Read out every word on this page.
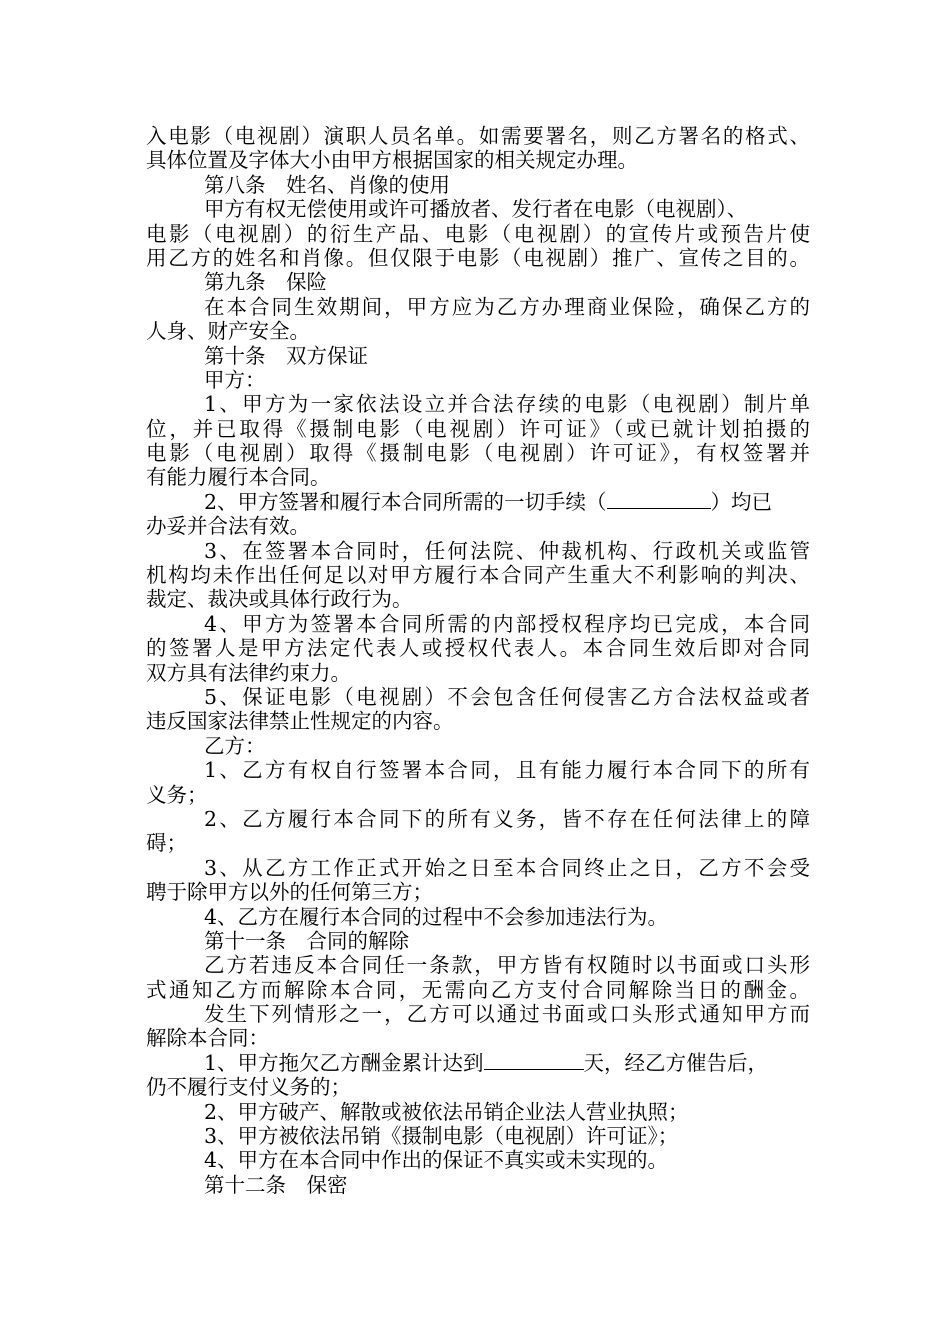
入电影（电视剧）演职人员名单。如需要署名，则乙方署名的格式、
具体位置及字体大小由甲方根据国家的相关规定办理。
第八条　姓名、肖像的使用
甲方有权无偿使用或许可播放者、发行者在电影（电视剧）、
电影（电视剧）的衍生产品、电影（电视剧）的宣传片或预告片使
用乙方的姓名和肖像。但仅限于电影（电视剧）推广、宣传之目的。
第九条　保险
在本合同生效期间，甲方应为乙方办理商业保险，确保乙方的
人身、财产安全。
第十条　双方保证
甲方：
1、甲方为一家依法设立并合法存续的电影（电视剧）制片单
位，并已取得《摄制电影（电视剧）许可证》（或已就计划拍摄的
电影（电视剧）取得《摄制电影（电视剧）许可证》，有权签署并
有能力履行本合同。
2、甲方签署和履行本合同所需的一切手续（	）均已
办妥并合法有效。
3、在签署本合同时，任何法院、仲裁机构、行政机关或监管
机构均未作出任何足以对甲方履行本合同产生重大不利影响的判决、
裁定、裁决或具体行政行为。
4、甲方为签署本合同所需的内部授权程序均已完成，本合同
的签署人是甲方法定代表人或授权代表人。本合同生效后即对合同
双方具有法律约束力。
5、保证电影（电视剧）不会包含任何侵害乙方合法权益或者
违反国家法律禁止性规定的内容。
乙方：
1、乙方有权自行签署本合同，且有能力履行本合同下的所有
义务；
2、乙方履行本合同下的所有义务，皆不存在任何法律上的障
碍；
3、从乙方工作正式开始之日至本合同终止之日，乙方不会受
聘于除甲方以外的任何第三方；
4、乙方在履行本合同的过程中不会参加违法行为。
第十一条　合同的解除
乙方若违反本合同任一条款，甲方皆有权随时以书面或口头形
式通知乙方而解除本合同，无需向乙方支付合同解除当日的酬金。
发生下列情形之一，乙方可以通过书面或口头形式通知甲方而
解除本合同：
1、甲方拖欠乙方酬金累计达到	天，经乙方催告后，
仍不履行支付义务的；
2、甲方破产、解散或被依法吊销企业法人营业执照；
3、甲方被依法吊销《摄制电影（电视剧）许可证》；
4、甲方在本合同中作出的保证不真实或未实现的。
第十二条　保密
